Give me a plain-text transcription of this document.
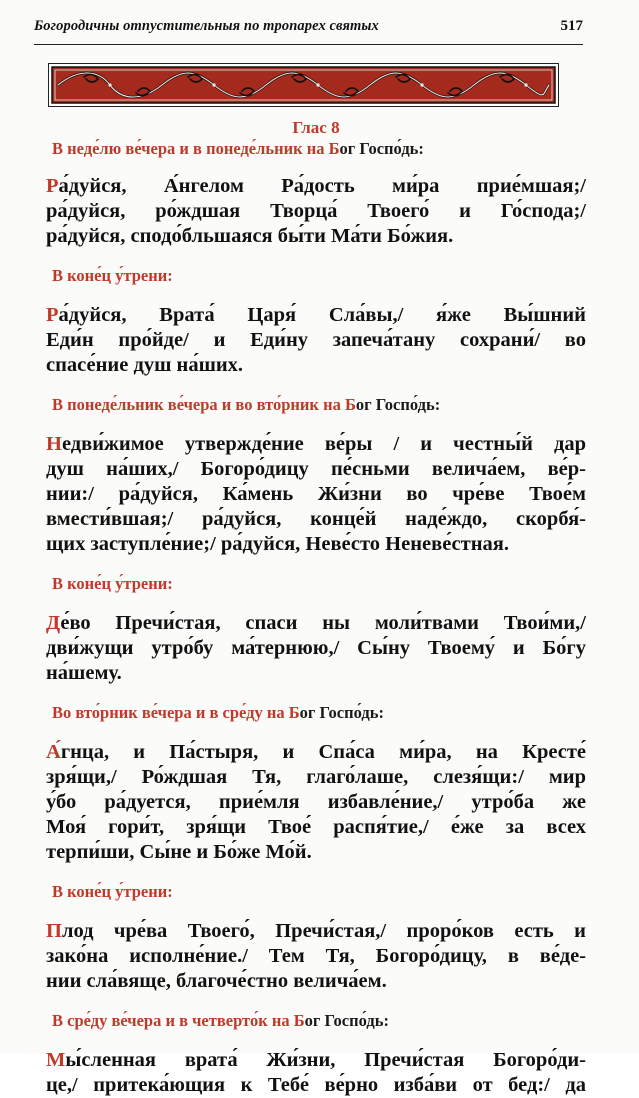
Богородичны отпустительныя по тропарех святых	517

Глас 8

В неде́лю ве́чера и в понеде́льник на Бог Госпо́дь:

Ра́дуйся, А́нгелом Ра́дость ми́ра прие́мшая;/
ра́дуйся, ро́ждшая Творца́ Твоего́ и Го́спода;/
ра́дуйся, сподо́бльшаяся бы́ти Ма́ти Бо́жия.

В коне́ц у́трени:

Ра́дуйся, Врата́ Царя́ Сла́вы,/ я́же Вы́шний
Еди́н про́йде/ и Еди́ну запеча́тану сохрани́/ во
спасе́ние душ на́ших.

В понеде́льник ве́чера и во вто́рник на Бог Госпо́дь:

Недви́жимое утвержде́ние ве́ры / и честны́й дар
душ на́ших,/ Богоро́дицу пе́сньми велича́ем, ве́р-
нии:/ ра́дуйся, Ка́мень Жи́зни во чре́ве Твое́м
вмести́вшая;/ ра́дуйся, конце́й наде́ждо, скорбя́-
щих заступле́ние;/ ра́дуйся, Неве́сто Неневе́стная.

В коне́ц у́трени:

Де́во Пречи́стая, спаси ны моли́твами Твои́ми,/
дви́жущи утро́бу ма́тернюю,/ Сы́ну Твоему́ и Бо́гу
на́шему.

Во вто́рник ве́чера и в сре́ду на Бог Госпо́дь:

А́гнца, и Па́стыря, и Спа́са ми́ра, на Кресте́
зря́щи,/ Ро́ждшая Тя, глаго́лаше, слезя́щи:/ мир
у́бо ра́дуется, прие́мля избавле́ние,/ утро́ба же
Моя́ гори́т, зря́щи Твое́ распя́тие,/ е́же за всех
терпи́ши, Сы́не и Бо́же Мо́й.

В коне́ц у́трени:

Плод чре́ва Твоего́, Пречи́стая,/ проро́ков есть и
зако́на исполне́ние./ Тем Тя, Богоро́дицу, в ве́де-
нии сла́вяще, благоче́стно велича́ем.

В сре́ду ве́чера и в четверто́к на Бог Госпо́дь:

Мы́сленная врата́ Жи́зни, Пречи́стая Богоро́ди-
це,/ притека́ющия к Тебе́ ве́рно изба́ви от бед:/ да
